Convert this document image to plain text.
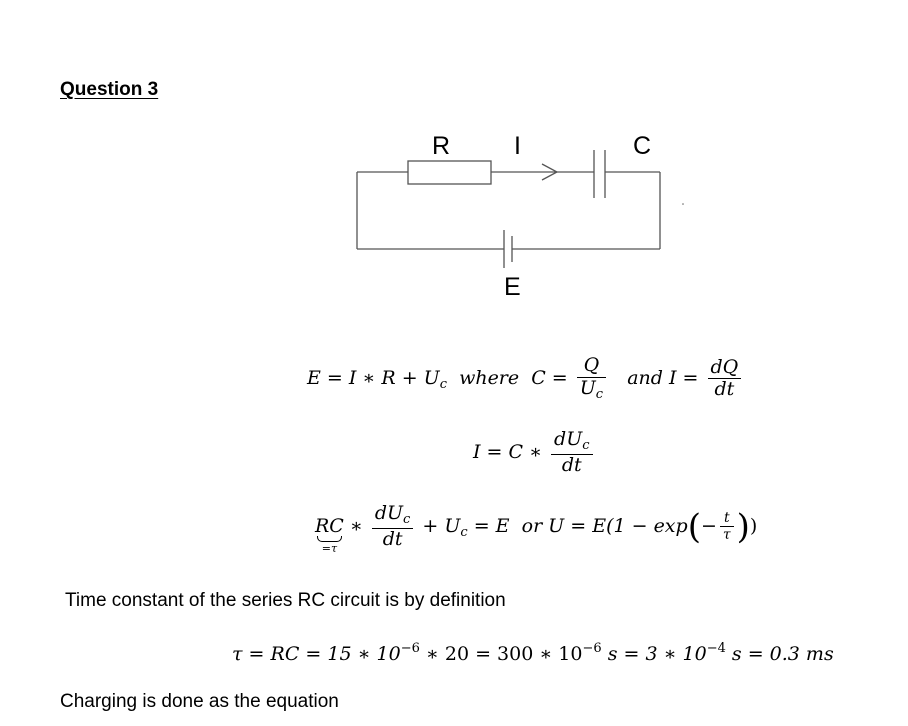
Question 3
R	I	C
E
E = I ∗ $R + U_c$ where $C = \frac{Q}{U_c}$ and $I = \frac{dQ}{dt}$
I = C ∗ $\frac{dU_c}{dt}$
RC
=τ
∗ $\frac{dU_c}{dt} + U_c = E$ or $U = E(1 - \exp(- \frac{t}{\tau}$ ))
Time constant of the series RC circuit is by definition
τ = RC = 15 ∗ $10^{-6}$ ∗ 20 = 300 ∗ $10^{-6}$ s = 3 ∗ $10^{-4}$ s = 0.3 ms
Charging is done as the equation
